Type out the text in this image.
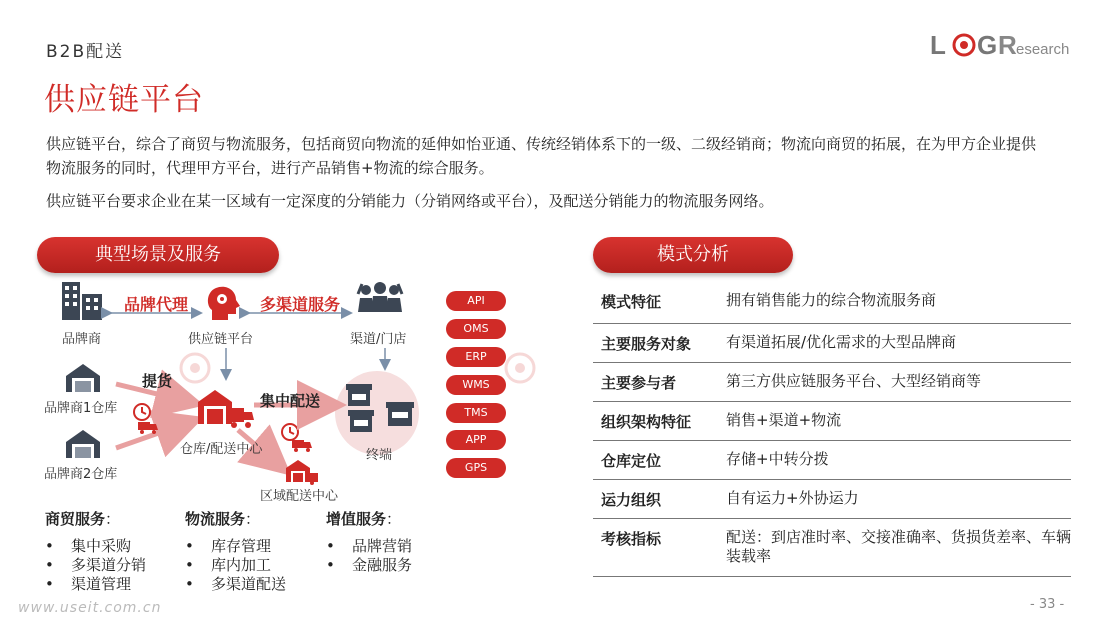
B2B配送
供应链平台
L G R esearch
供应链平台，综合了商贸与物流服务，包括商贸向物流的延伸如怡亚通、传统经销体系下的一级、二级经销商；物流向商贸的拓展，在为甲方企业提供物流服务的同时，代理甲方平台，进行产品销售+物流的综合服务。
供应链平台要求企业在某一区域有一定深度的分销能力（分销网络或平台），及配送分销能力的物流服务网络。
典型场景及服务
品牌商	供应链平台	渠道/门店
品牌商1仓库
品牌商2仓库
仓库/配送中心	终端
区域配送中心
品牌代理	多渠道服务
提货
集中配送
API
OMS
ERP
WMS
TMS
APP
GPS
商贸服务：
• 集中采购
• 多渠道分销
• 渠道管理
物流服务：
• 库存管理
• 库内加工
• 多渠道配送
增值服务：
• 品牌营销
• 金融服务
模式分析
模式特征	拥有销售能力的综合物流服务商
主要服务对象	有渠道拓展/优化需求的大型品牌商
主要参与者	第三方供应链服务平台、大型经销商等
组织架构特征	销售+渠道+物流
仓库定位	存储+中转分拨
运力组织	自有运力+外协运力
考核指标	配送：到店准时率、交接准确率、货损货差率、车辆装载率
www.useit.com.cn	- 33 -
